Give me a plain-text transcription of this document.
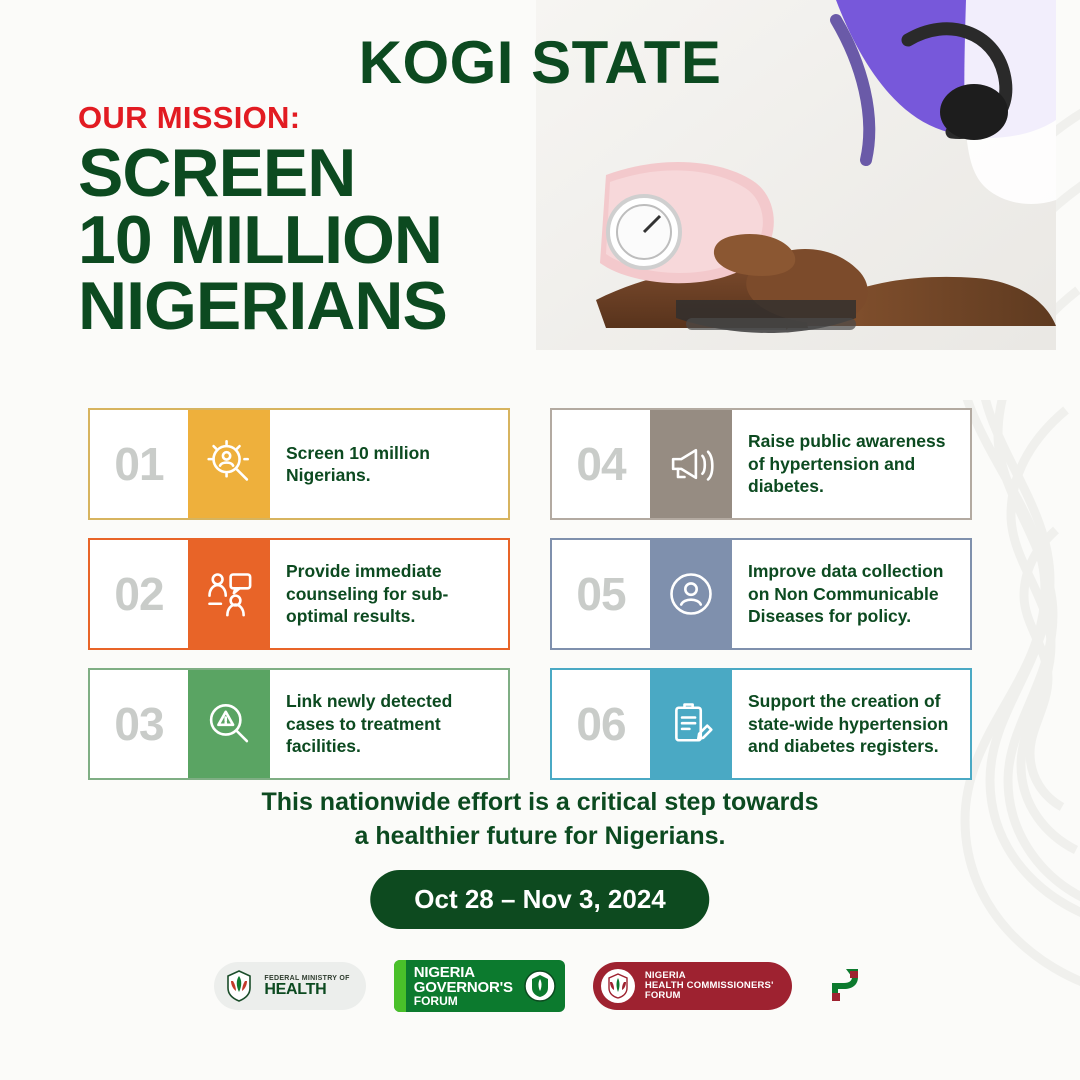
KOGI STATE
OUR MISSION:
SCREEN
10 MILLION
NIGERIANS
01	Screen 10 million Nigerians.	04	Raise public awareness of hypertension and diabetes.
02	Provide immediate counseling for sub-optimal results.	05	Improve data collection on Non Communicable Diseases for policy.
03	Link newly detected cases to treatment facilities.	06	Support the creation of state-wide hypertension and diabetes registers.
This nationwide effort is a critical step towards
a healthier future for Nigerians.
Oct 28 – Nov 3, 2024
FEDERAL MINISTRY OF
HEALTH
NIGERIA
GOVERNOR'S
FORUM
NIGERIA
HEALTH COMMISSIONERS'
FORUM
